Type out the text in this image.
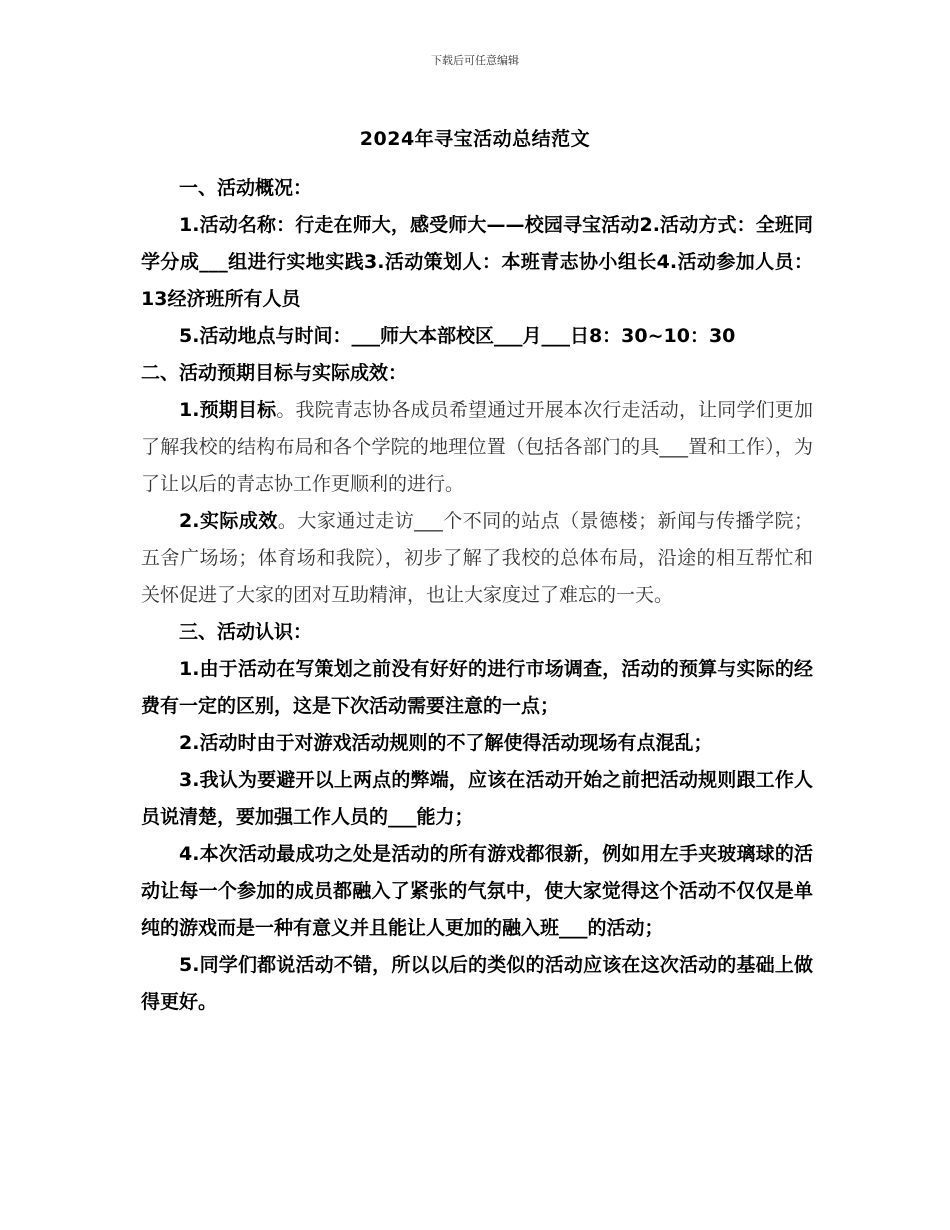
下载后可任意编辑
2024年寻宝活动总结范文

一、活动概况：

1.活动名称：行走在师大，感受师大——校园寻宝活动2.活动方式：全班同学分成___组进行实地实践3.活动策划人：本班青志协小组长4.活动参加人员：13经济班所有人员

5.活动地点与时间：___师大本部校区___月___日8：30~10：30

二、活动预期目标与实际成效：

1.预期目标。我院青志协各成员希望通过开展本次行走活动，让同学们更加了解我校的结构布局和各个学院的地理位置（包括各部门的具___置和工作），为了让以后的青志协工作更顺利的进行。

2.实际成效。大家通过走访___个不同的站点（景德楼；新闻与传播学院；五舍广场场；体育场和我院），初步了解了我校的总体布局，沿途的相互帮忙和关怀促进了大家的团对互助精渖，也让大家度过了难忘的一天。

三、活动认识：

1.由于活动在写策划之前没有好好的进行市场调查，活动的预算与实际的经费有一定的区别，这是下次活动需要注意的一点；

2.活动时由于对游戏活动规则的不了解使得活动现场有点混乱；

3.我认为要避开以上两点的弊端，应该在活动开始之前把活动规则跟工作人员说清楚，要加强工作人员的___能力；

4.本次活动最成功之处是活动的所有游戏都很新，例如用左手夹玻璃球的活动让每一个参加的成员都融入了紧张的气氛中，使大家觉得这个活动不仅仅是单纯的游戏而是一种有意义并且能让人更加的融入班___的活动；

5.同学们都说活动不错，所以以后的类似的活动应该在这次活动的基础上做得更好。
